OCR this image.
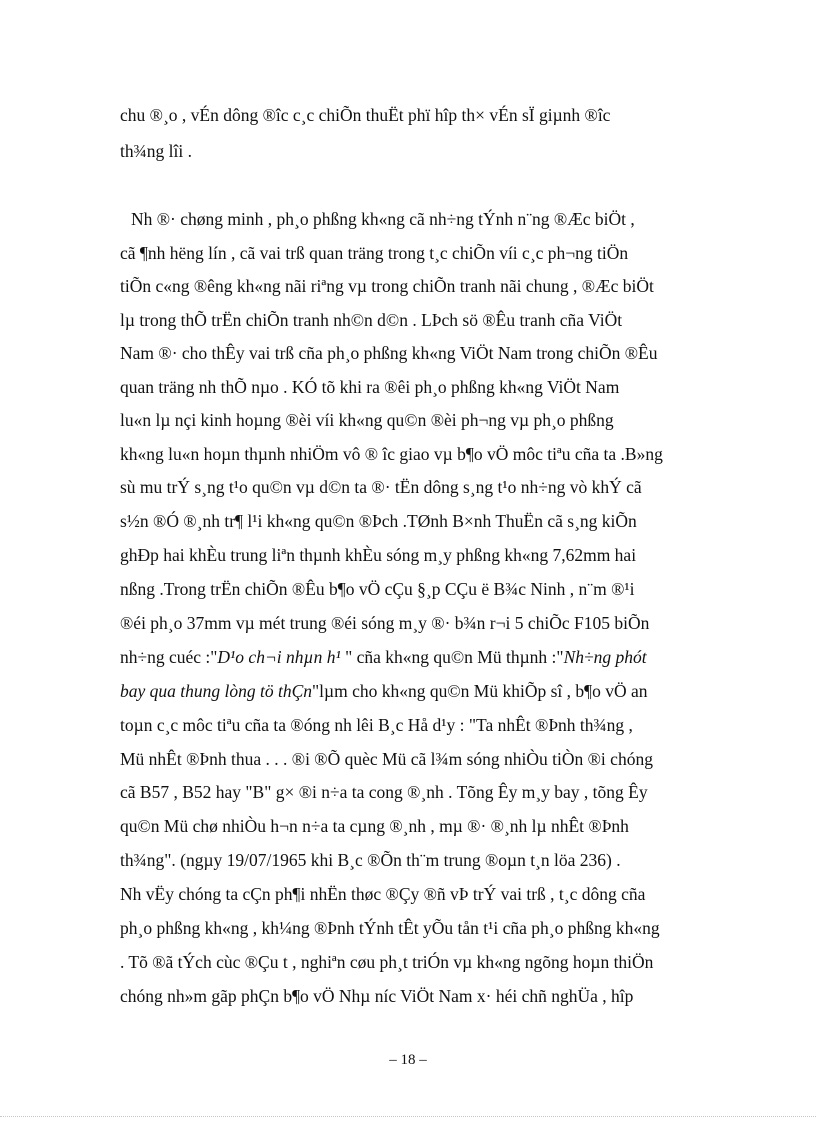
chu ®¸o , vÉn dông ®îc c¸c chiÕn thuËt phï hîp th× vÉn sÏ giµnh ®îc
th¾ng lîi .
Nh ®· chøng minh , ph¸o phßng kh«ng cã nh÷ng tÝnh n¨ng ®Æc biÖt ,
cã ¶nh hëng lín , cã vai trß quan träng trong t¸c chiÕn víi c¸c ph¬ng tiÖn
tiÕn c«ng ®êng kh«ng nãi riªng vµ trong chiÕn tranh nãi chung , ®Æc biÖt
lµ trong thÕ trËn chiÕn tranh nh©n d©n . LÞch sö ®Êu tranh cña ViÖt
Nam ®· cho thÊy vai trß cña ph¸o phßng kh«ng ViÖt Nam trong chiÕn ®Êu
quan träng nh thÕ nµo . KÓ tõ khi ra ®êi ph¸o phßng kh«ng ViÖt Nam
lu«n lµ nçi kinh hoµng ®èi víi kh«ng qu©n ®èi ph¬ng vµ ph¸o phßng
kh«ng lu«n hoµn thµnh nhiÖm vô ® îc giao vµ b¶o vÖ môc tiªu cña ta .B»ng
sù mu trÝ s¸ng t¹o qu©n vµ d©n ta ®· tËn dông s¸ng t¹o nh÷ng vò khÝ cã
s½n ®Ó ®¸nh tr¶ l¹i kh«ng qu©n ®Þch .TØnh B×nh ThuËn cã s¸ng kiÕn
ghÐp hai khÈu trung liªn thµnh khÈu sóng m¸y phßng kh«ng 7,62mm hai
nßng .Trong trËn chiÕn ®Êu b¶o vÖ cÇu §¸p CÇu ë B¾c Ninh , n¨m ®¹i
®éi ph¸o 37mm vµ mét trung ®éi sóng m¸y ®· b¾n r¬i 5 chiÕc F105 biÕn
nh÷ng cuéc :"D¹o ch¬i nhµn h¹ " cña kh«ng qu©n Mü thµnh :"Nh÷ng phót
bay qua thung lòng tö thÇn"lµm cho kh«ng qu©n Mü khiÕp sî , b¶o vÖ an
toµn c¸c môc tiªu cña ta ®óng nh lêi B¸c Hå d¹y : "Ta nhÊt ®Þnh th¾ng ,
Mü nhÊt ®Þnh thua . . . ®i ®Õ quèc Mü cã l¾m sóng nhiÒu tiÒn ®i chóng
cã B57 , B52 hay "B" g× ®i n÷a ta cong ®¸nh . Tõng Êy m¸y bay , tõng Êy
qu©n Mü chø nhiÒu h¬n n÷a ta cµng ®¸nh , mµ ®· ®¸nh lµ nhÊt ®Þnh
th¾ng". (ngµy 19/07/1965 khi B¸c ®Õn th¨m trung ®oµn t¸n löa 236) .
Nh vËy chóng ta cÇn ph¶i nhËn thøc ®Çy ®ñ vÞ trÝ vai trß , t¸c dông cña
ph¸o phßng kh«ng , kh¼ng ®Þnh tÝnh tÊt yÕu tån t¹i cña ph¸o phßng kh«ng
. Tõ ®ã tÝch cùc ®Çu t , nghiªn cøu ph¸t triÓn vµ kh«ng ngõng hoµn thiÖn
chóng nh»m gãp phÇn b¶o vÖ Nhµ níc ViÖt Nam x· héi chñ nghÜa , hîp
– 18 –
